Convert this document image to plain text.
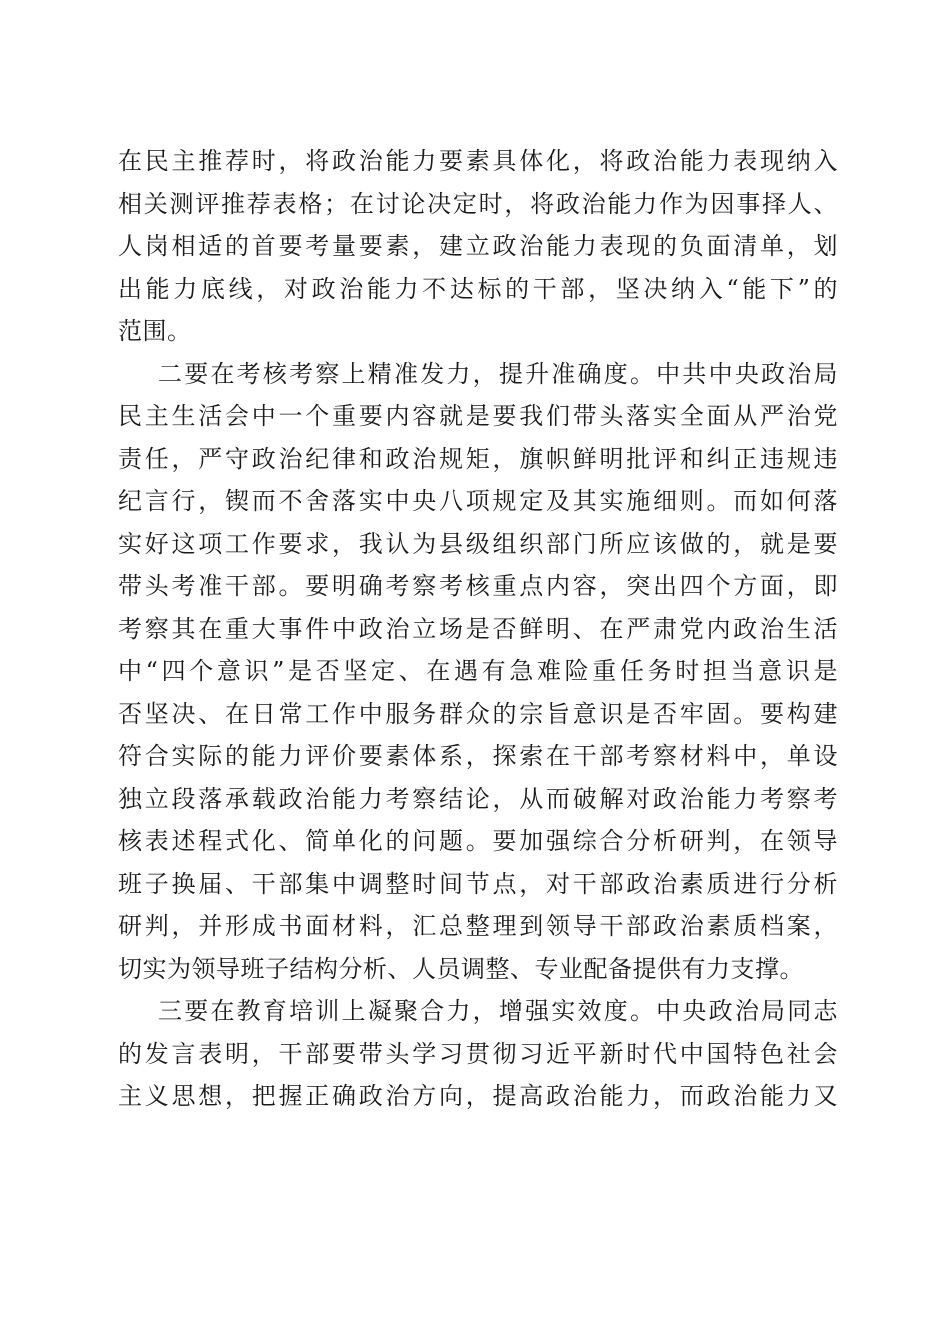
在民主推荐时，将政治能力要素具体化，将政治能力表现纳入
相关测评推荐表格；在讨论决定时，将政治能力作为因事择人、
人岗相适的首要考量要素，建立政治能力表现的负面清单，划
出能力底线，对政治能力不达标的干部，坚决纳入“能下”的
范围。
二要在考核考察上精准发力，提升准确度。中共中央政治局
民主生活会中一个重要内容就是要我们带头落实全面从严治党
责任，严守政治纪律和政治规矩，旗帜鲜明批评和纠正违规违
纪言行，锲而不舍落实中央八项规定及其实施细则。而如何落
实好这项工作要求，我认为县级组织部门所应该做的，就是要
带头考准干部。要明确考察考核重点内容，突出四个方面，即
考察其在重大事件中政治立场是否鲜明、在严肃党内政治生活
中“四个意识”是否坚定、在遇有急难险重任务时担当意识是
否坚决、在日常工作中服务群众的宗旨意识是否牢固。要构建
符合实际的能力评价要素体系，探索在干部考察材料中，单设
独立段落承载政治能力考察结论，从而破解对政治能力考察考
核表述程式化、简单化的问题。要加强综合分析研判，在领导
班子换届、干部集中调整时间节点，对干部政治素质进行分析
研判，并形成书面材料，汇总整理到领导干部政治素质档案，
切实为领导班子结构分析、人员调整、专业配备提供有力支撑。
三要在教育培训上凝聚合力，增强实效度。中央政治局同志
的发言表明，干部要带头学习贯彻习近平新时代中国特色社会
主义思想，把握正确政治方向，提高政治能力，而政治能力又
